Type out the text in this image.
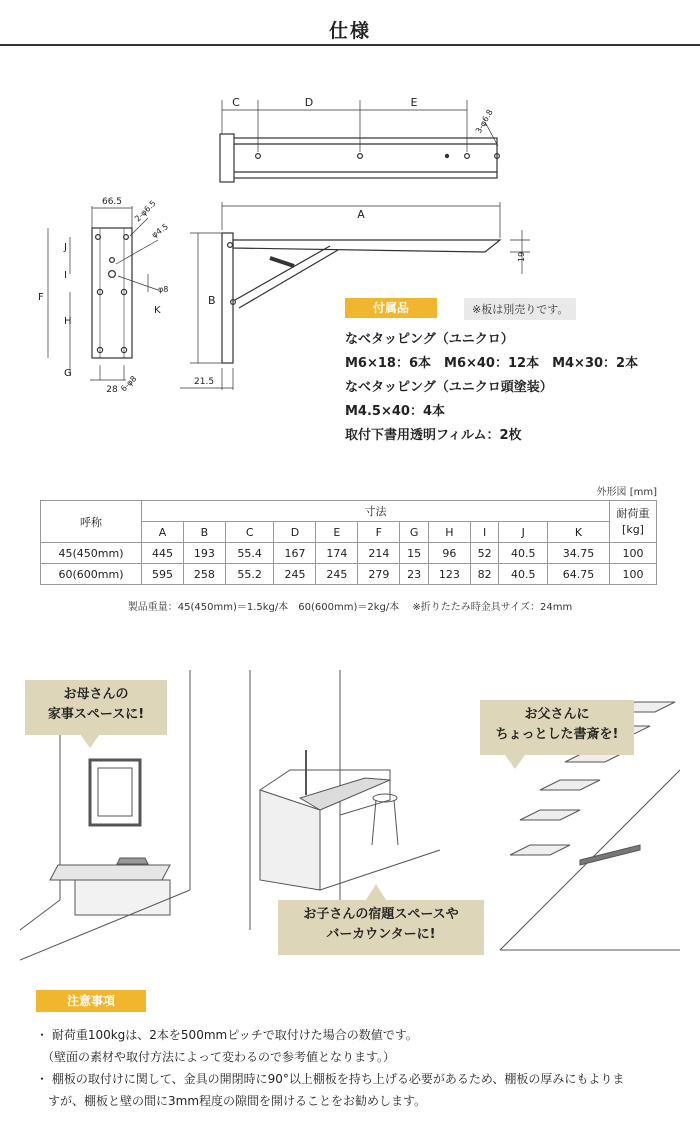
仕様
C	D	E
3-φ6.8
66.5 2-φ6.5
φ4.5
φ8
6-φ8
28
J
I
F
H
K
G
A
B
19
21.5
付属品	※板は別売りです。
なべタッピング（ユニクロ）
M6×18：6本　M6×40：12本　M4×30：2本
なべタッピング（ユニクロ頭塗装）
M4.5×40：4本
取付下書用透明フィルム：2枚
外形図 [mm]
呼称	寸法											耐荷重
[kg]
	A	B	C	D	E	F	G	H	I	J	K	
45(450mm)	445	193	55.4	167	174	214	15	96	52	40.5	34.75	100
60(600mm)	595	258	55.2	245	245	279	23	123	82	40.5	64.75	100
製品重量：45(450mm)＝1.5kg/本　60(600mm)＝2kg/本　 ※折りたたみ時金具サイズ：24mm
お母さんの
家事スペースに!
お子さんの宿題スペースや
バーカウンターに!
お父さんに
ちょっとした書斎を!
注意事項
・ 耐荷重100kgは、2本を500mmピッチで取付けた場合の数値です。
　（壁面の素材や取付方法によって変わるので参考値となります。）
・ 棚板の取付けに関して、金具の開閉時に90°以上棚板を持ち上げる必要があるため、棚板の厚みにもよりま
　すが、棚板と壁の間に3mm程度の隙間を開けることをお勧めします。
